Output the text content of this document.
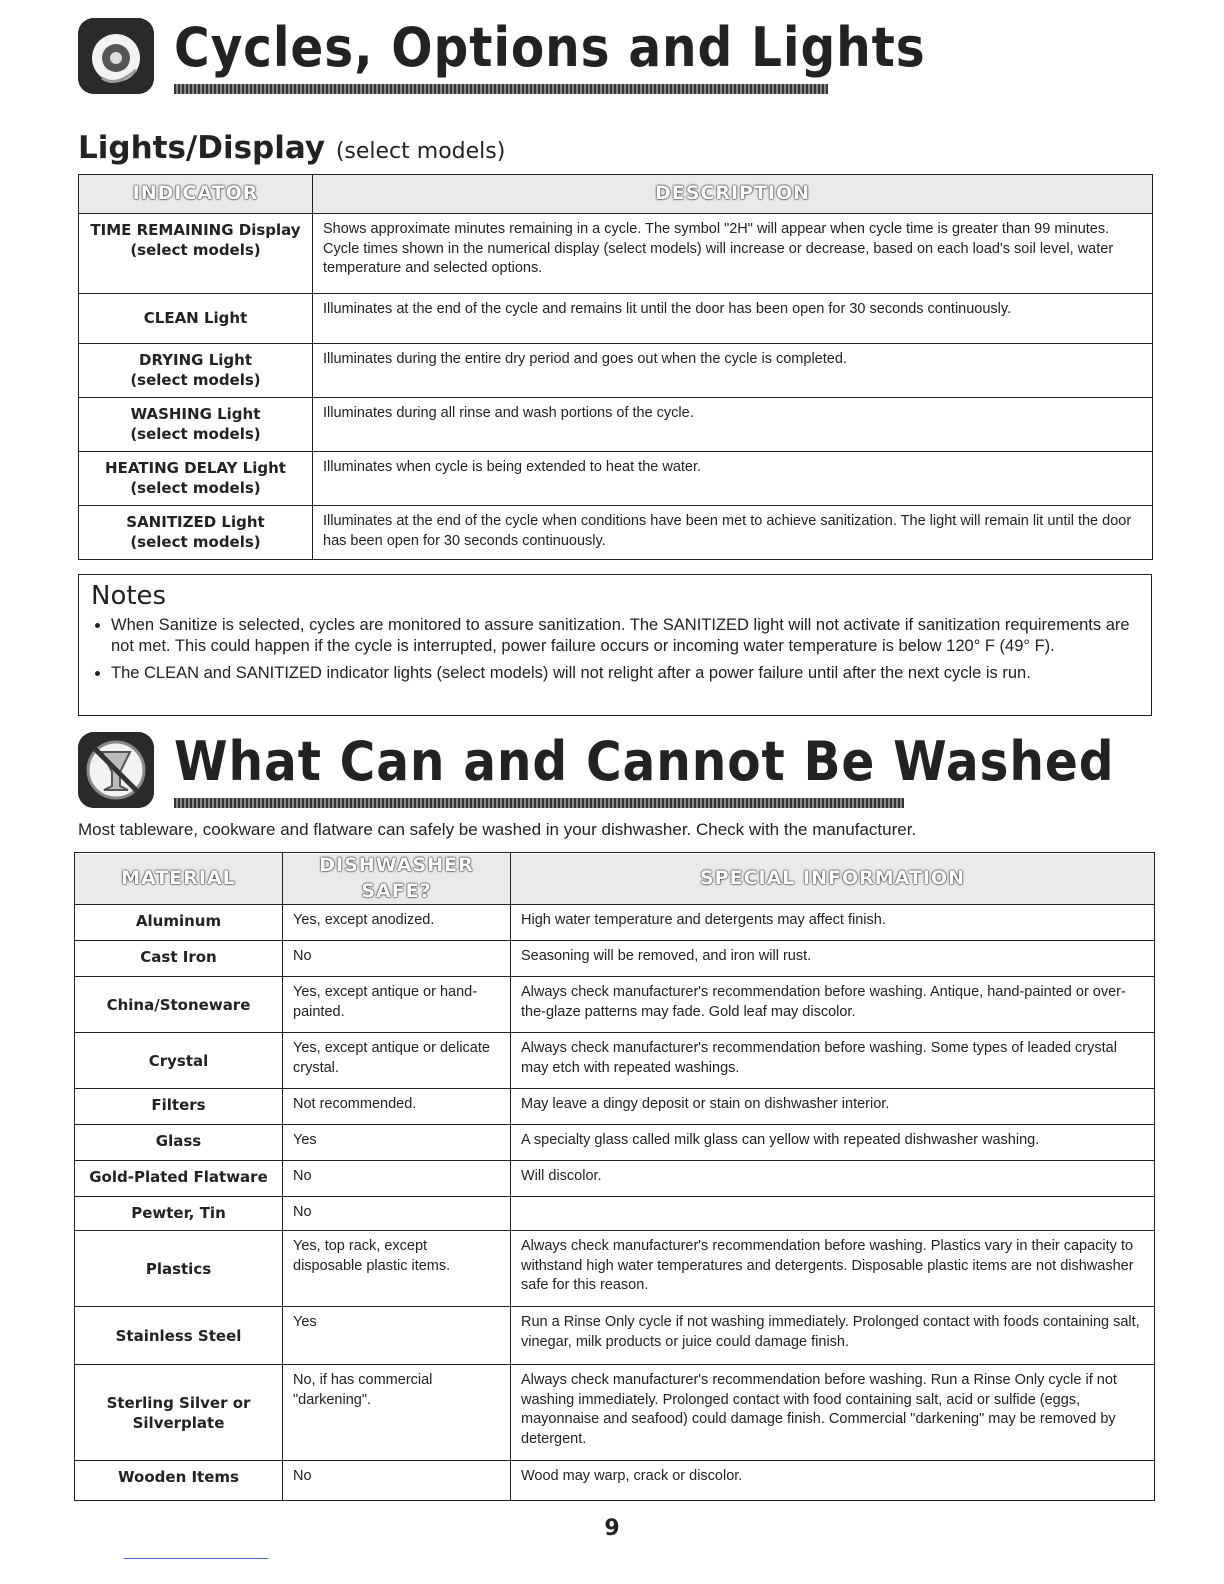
Cycles, Options and Lights
Lights/Display (select models)
INDICATOR	DESCRIPTION
TIME REMAINING Display
(select models)	Shows approximate minutes remaining in a cycle. The symbol "2H" will appear when cycle time is greater than 99 minutes. Cycle times shown in the numerical display (select models) will increase or decrease, based on each load's soil level, water temperature and selected options.
CLEAN Light	Illuminates at the end of the cycle and remains lit until the door has been open for 30 seconds continuously.
DRYING Light
(select models)	Illuminates during the entire dry period and goes out when the cycle is completed.
WASHING Light
(select models)	Illuminates during all rinse and wash portions of the cycle.
HEATING DELAY Light
(select models)	Illuminates when cycle is being extended to heat the water.
SANITIZED Light
(select models)	Illuminates at the end of the cycle when conditions have been met to achieve sanitization. The light will remain lit until the door has been open for 30 seconds continuously.
Notes
• When Sanitize is selected, cycles are monitored to assure sanitization. The SANITIZED light will not activate if sanitization requirements are not met. This could happen if the cycle is interrupted, power failure occurs or incoming water temperature is below 120° F (49° F).
• The CLEAN and SANITIZED indicator lights (select models) will not relight after a power failure until after the next cycle is run.
What Can and Cannot Be Washed
Most tableware, cookware and flatware can safely be washed in your dishwasher. Check with the manufacturer.
MATERIAL	DISHWASHER SAFE?	SPECIAL INFORMATION
Aluminum	Yes, except anodized.	High water temperature and detergents may affect finish.
Cast Iron	No	Seasoning will be removed, and iron will rust.
China/Stoneware	Yes, except antique or hand-painted.	Always check manufacturer's recommendation before washing. Antique, hand-painted or over-the-glaze patterns may fade. Gold leaf may discolor.
Crystal	Yes, except antique or delicate crystal.	Always check manufacturer's recommendation before washing. Some types of leaded crystal may etch with repeated washings.
Filters	Not recommended.	May leave a dingy deposit or stain on dishwasher interior.
Glass	Yes	A specialty glass called milk glass can yellow with repeated dishwasher washing.
Gold-Plated Flatware	No	Will discolor.
Pewter, Tin	No	
Plastics	Yes, top rack, except disposable plastic items.	Always check manufacturer's recommendation before washing. Plastics vary in their capacity to withstand high water temperatures and detergents. Disposable plastic items are not dishwasher safe for this reason.
Stainless Steel	Yes	Run a Rinse Only cycle if not washing immediately. Prolonged contact with foods containing salt, vinegar, milk products or juice could damage finish.
Sterling Silver or Silverplate	No, if has commercial "darkening".	Always check manufacturer's recommendation before washing. Run a Rinse Only cycle if not washing immediately. Prolonged contact with food containing salt, acid or sulfide (eggs, mayonnaise and seafood) could damage finish. Commercial "darkening" may be removed by detergent.
Wooden Items	No	Wood may warp, crack or discolor.
9
